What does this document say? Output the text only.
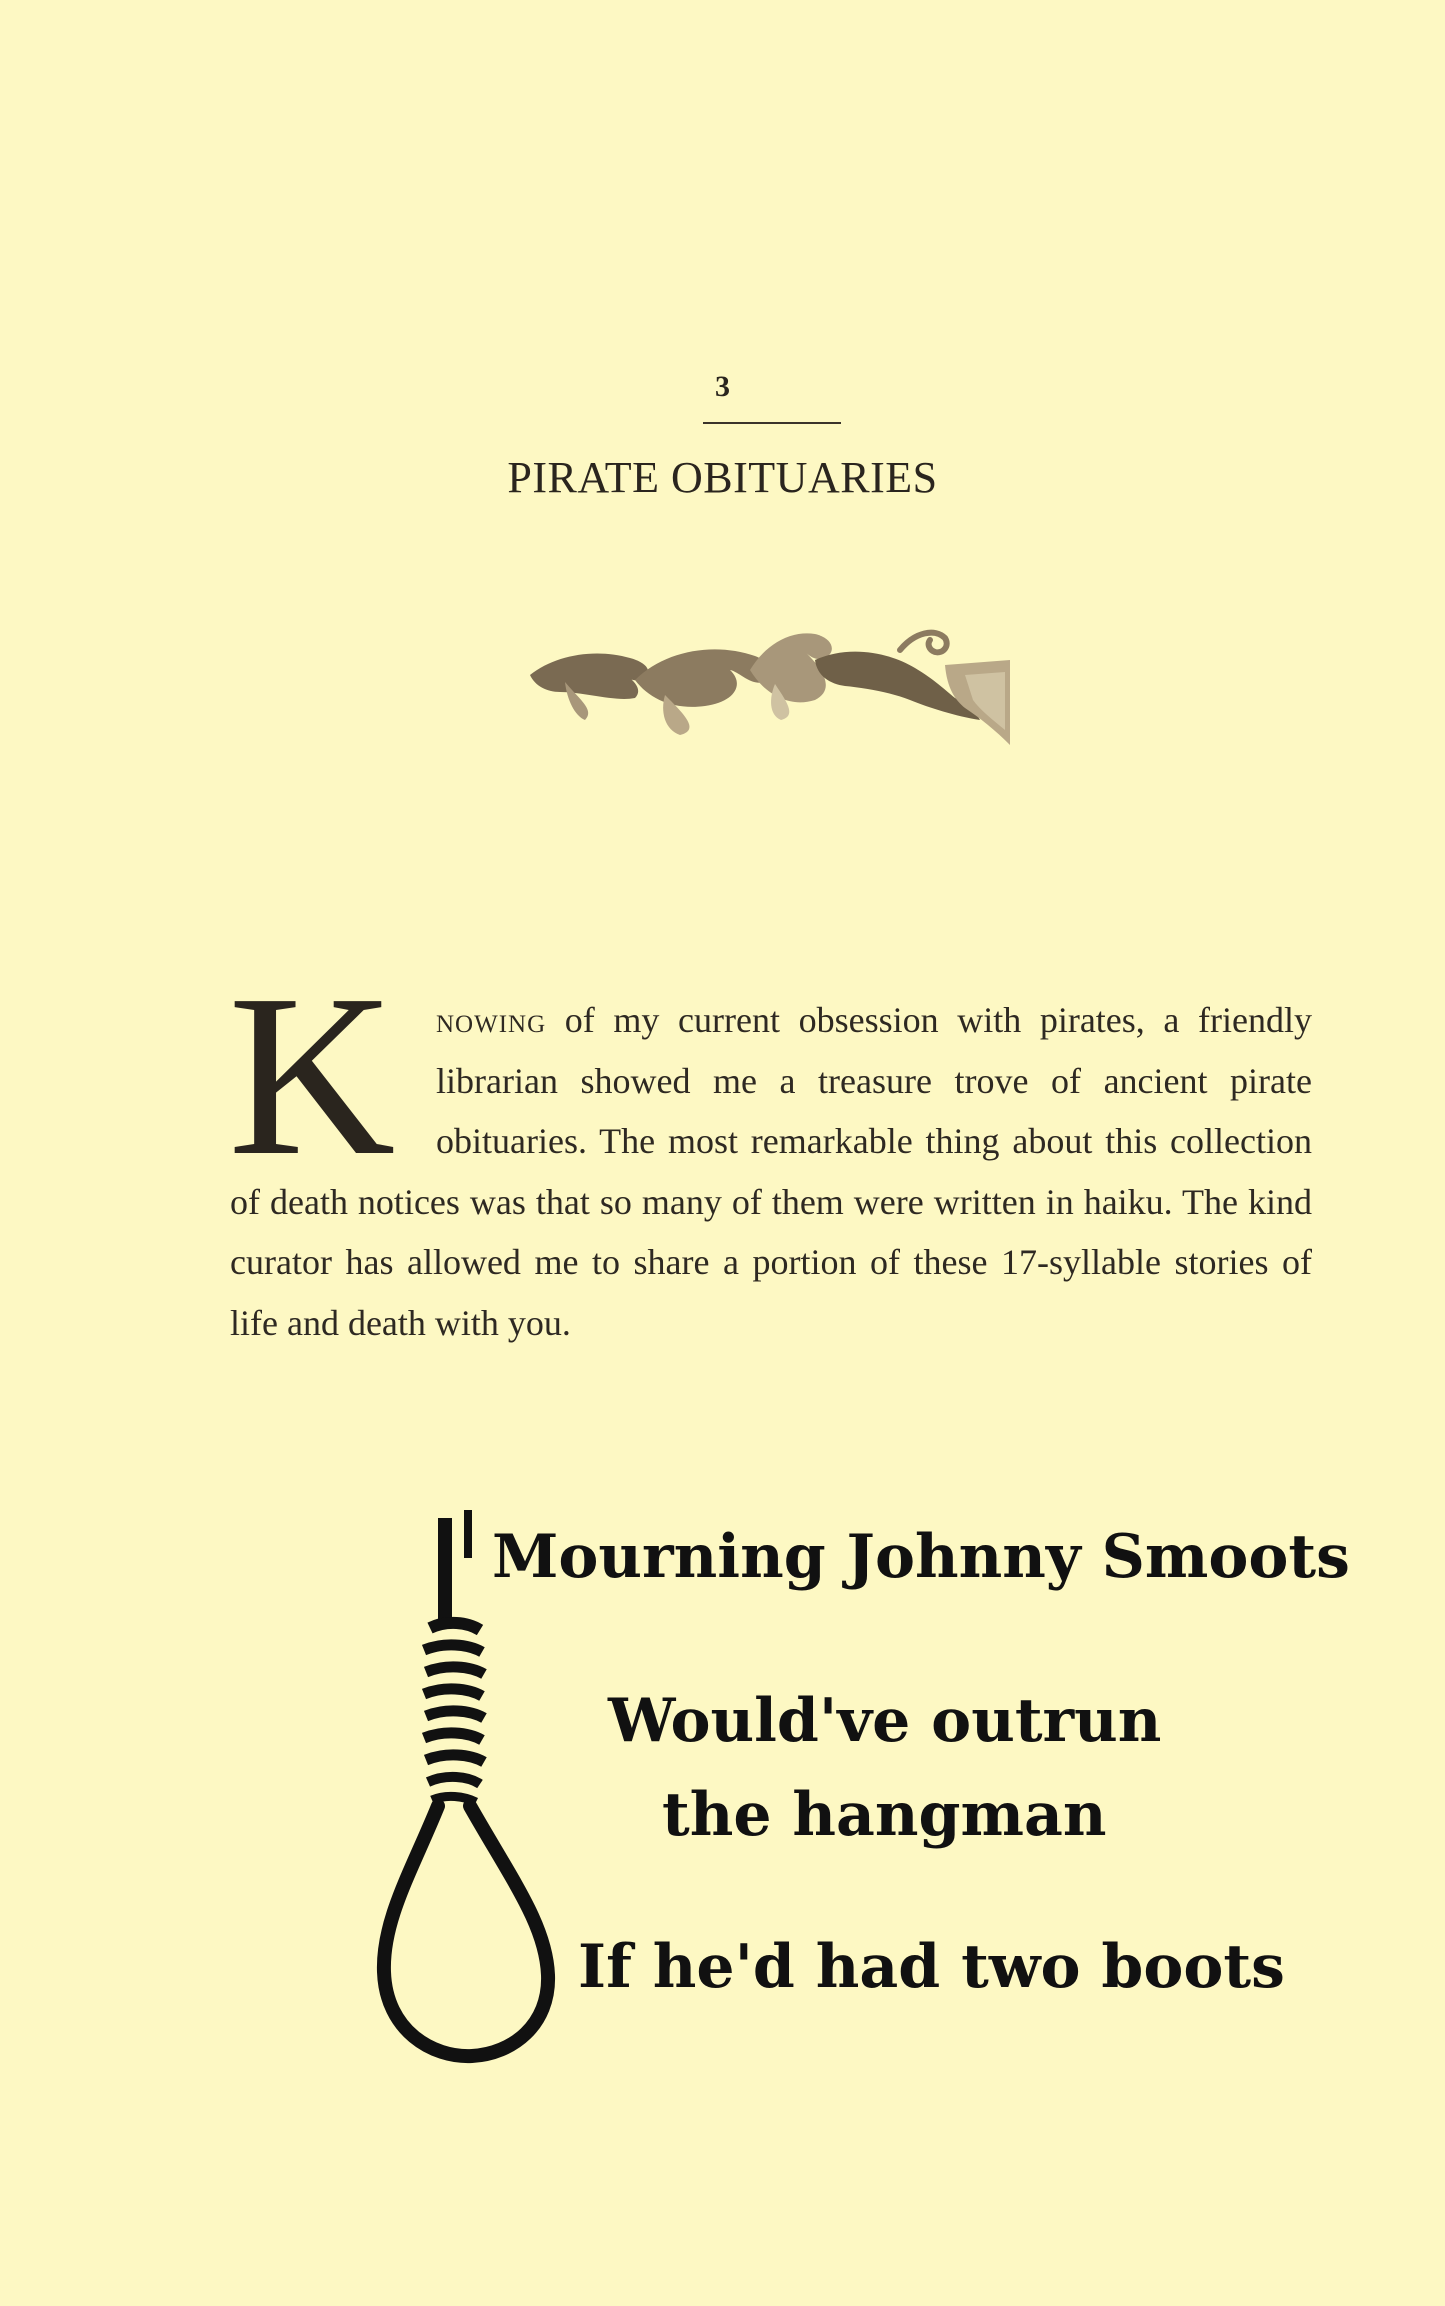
3
PIRATE OBITUARIES
K	nowing of my current obsession with pirates, a friendly librarian showed me a treasure trove of ancient pirate obituaries. The most remarkable thing about this collection of death notices was that so many of them were written in haiku. The kind curator has allowed me to share a portion of these 17-syllable stories of life and death with you.

Mourning Johnny Smoots
Would've outrun
the hangman
If he'd had two boots
